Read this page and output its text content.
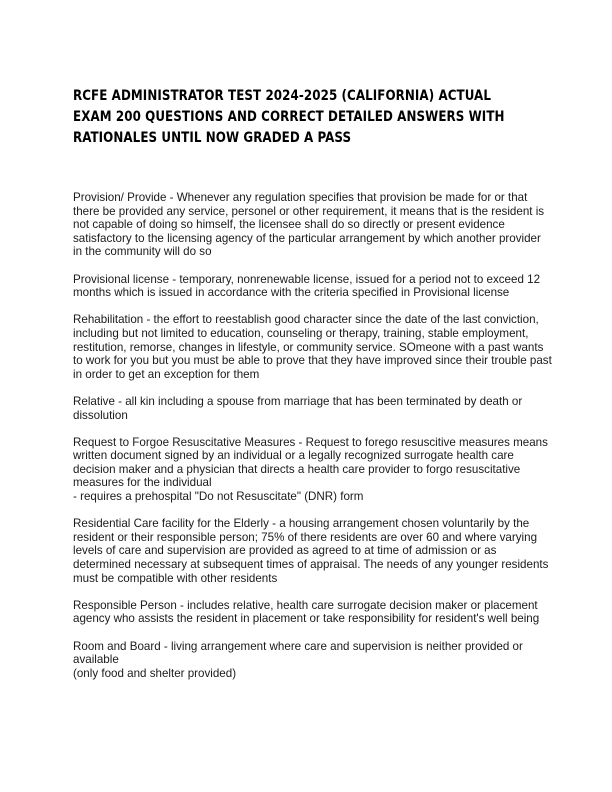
RCFE ADMINISTRATOR TEST 2024-2025 (CALIFORNIA) ACTUAL EXAM 200 QUESTIONS AND CORRECT DETAILED ANSWERS WITH RATIONALES UNTIL NOW GRADED A PASS

Provision/ Provide - Whenever any regulation specifies that provision be made for or that there be provided any service, personel or other requirement, it means that is the resident is not capable of doing so himself, the licensee shall do so directly or present evidence satisfactory to the licensing agency of the particular arrangement by which another provider in the community will do so

Provisional license - temporary, nonrenewable license, issued for a period not to exceed 12 months which is issued in accordance with the criteria specified in Provisional license

Rehabilitation - the effort to reestablish good character since the date of the last conviction, including but not limited to education, counseling or therapy, training, stable employment, restitution, remorse, changes in lifestyle, or community service. SOmeone with a past wants to work for you but you must be able to prove that they have improved since their trouble past in order to get an exception for them

Relative - all kin including a spouse from marriage that has been terminated by death or dissolution

Request to Forgoe Resuscitative Measures - Request to forego resuscitive measures means written document signed by an individual or a legally recognized surrogate health care decision maker and a physician that directs a health care provider to forgo resuscitative measures for the individual
- requires a prehospital "Do not Resuscitate" (DNR) form

Residential Care facility for the Elderly - a housing arrangement chosen voluntarily by the resident or their responsible person; 75% of there residents are over 60 and where varying levels of care and supervision are provided as agreed to at time of admission or as determined necessary at subsequent times of appraisal. The needs of any younger residents must be compatible with other residents

Responsible Person - includes relative, health care surrogate decision maker or placement agency who assists the resident in placement or take responsibility for resident's well being

Room and Board - living arrangement where care and supervision is neither provided or available
(only food and shelter provided)
